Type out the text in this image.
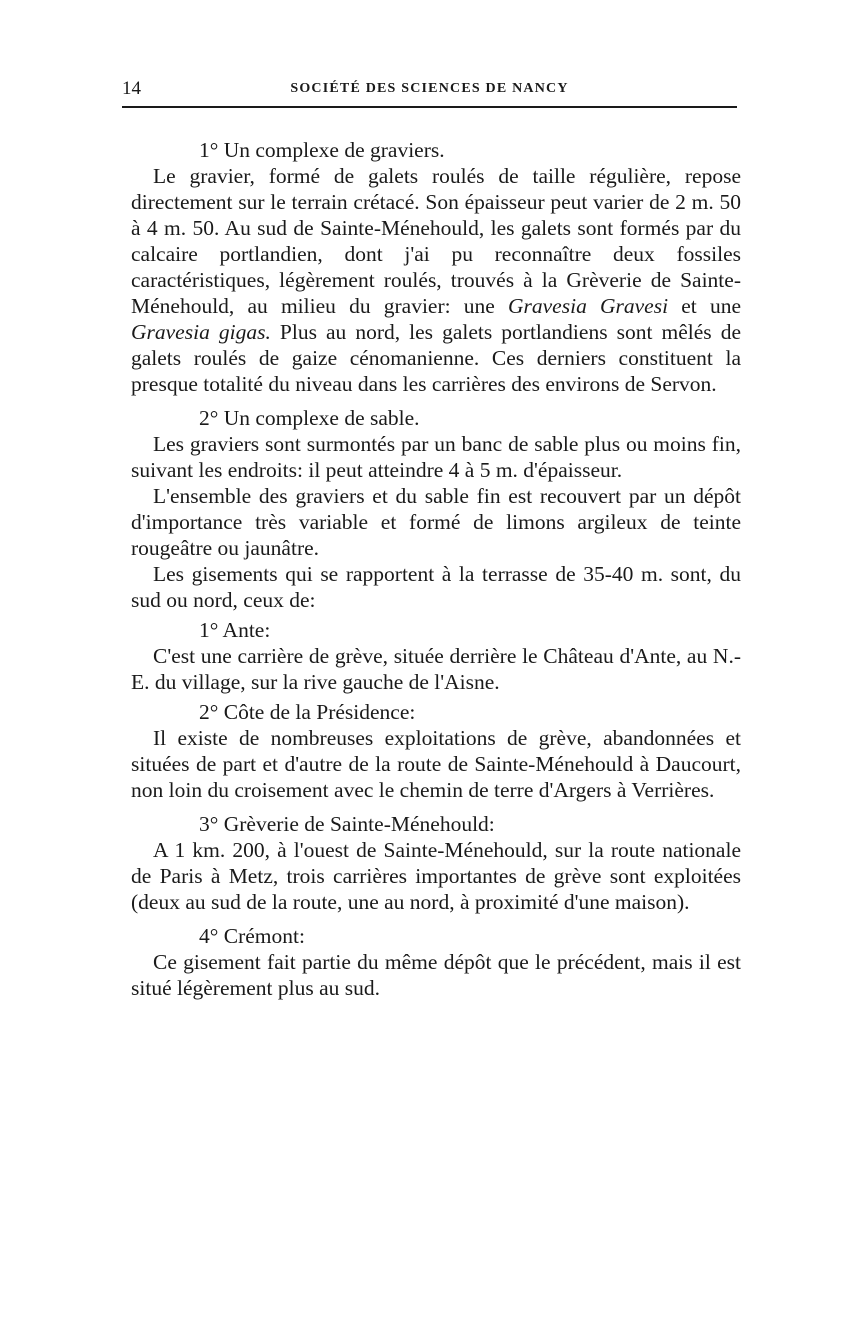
14	SOCIÉTÉ DES SCIENCES DE NANCY

1° Un complexe de graviers.

Le gravier, formé de galets roulés de taille régulière, repose directement sur le terrain crétacé. Son épaisseur peut varier de 2 m. 50 à 4 m. 50. Au sud de Sainte-Ménehould, les galets sont formés par du calcaire portlandien, dont j'ai pu reconnaître deux fossiles caractéristiques, légèrement roulés, trouvés à la Grèverie de Sainte-Ménehould, au milieu du gravier: une Gravesia Gravesi et une Gravesia gigas. Plus au nord, les galets portlandiens sont mêlés de galets roulés de gaize cénomanienne. Ces derniers constituent la presque totalité du niveau dans les carrières des environs de Servon.

2° Un complexe de sable.

Les graviers sont surmontés par un banc de sable plus ou moins fin, suivant les endroits: il peut atteindre 4 à 5 m. d'épaisseur.

L'ensemble des graviers et du sable fin est recouvert par un dépôt d'importance très variable et formé de limons argileux de teinte rougeâtre ou jaunâtre.

Les gisements qui se rapportent à la terrasse de 35-40 m. sont, du sud ou nord, ceux de:

1° Ante:

C'est une carrière de grève, située derrière le Château d'Ante, au N.-E. du village, sur la rive gauche de l'Aisne.

2° Côte de la Présidence:

Il existe de nombreuses exploitations de grève, abandonnées et situées de part et d'autre de la route de Sainte-Ménehould à Daucourt, non loin du croisement avec le chemin de terre d'Argers à Verrières.

3° Grèverie de Sainte-Ménehould:

A 1 km. 200, à l'ouest de Sainte-Ménehould, sur la route nationale de Paris à Metz, trois carrières importantes de grève sont exploitées (deux au sud de la route, une au nord, à proximité d'une maison).

4° Crémont:

Ce gisement fait partie du même dépôt que le précédent, mais il est situé légèrement plus au sud.
